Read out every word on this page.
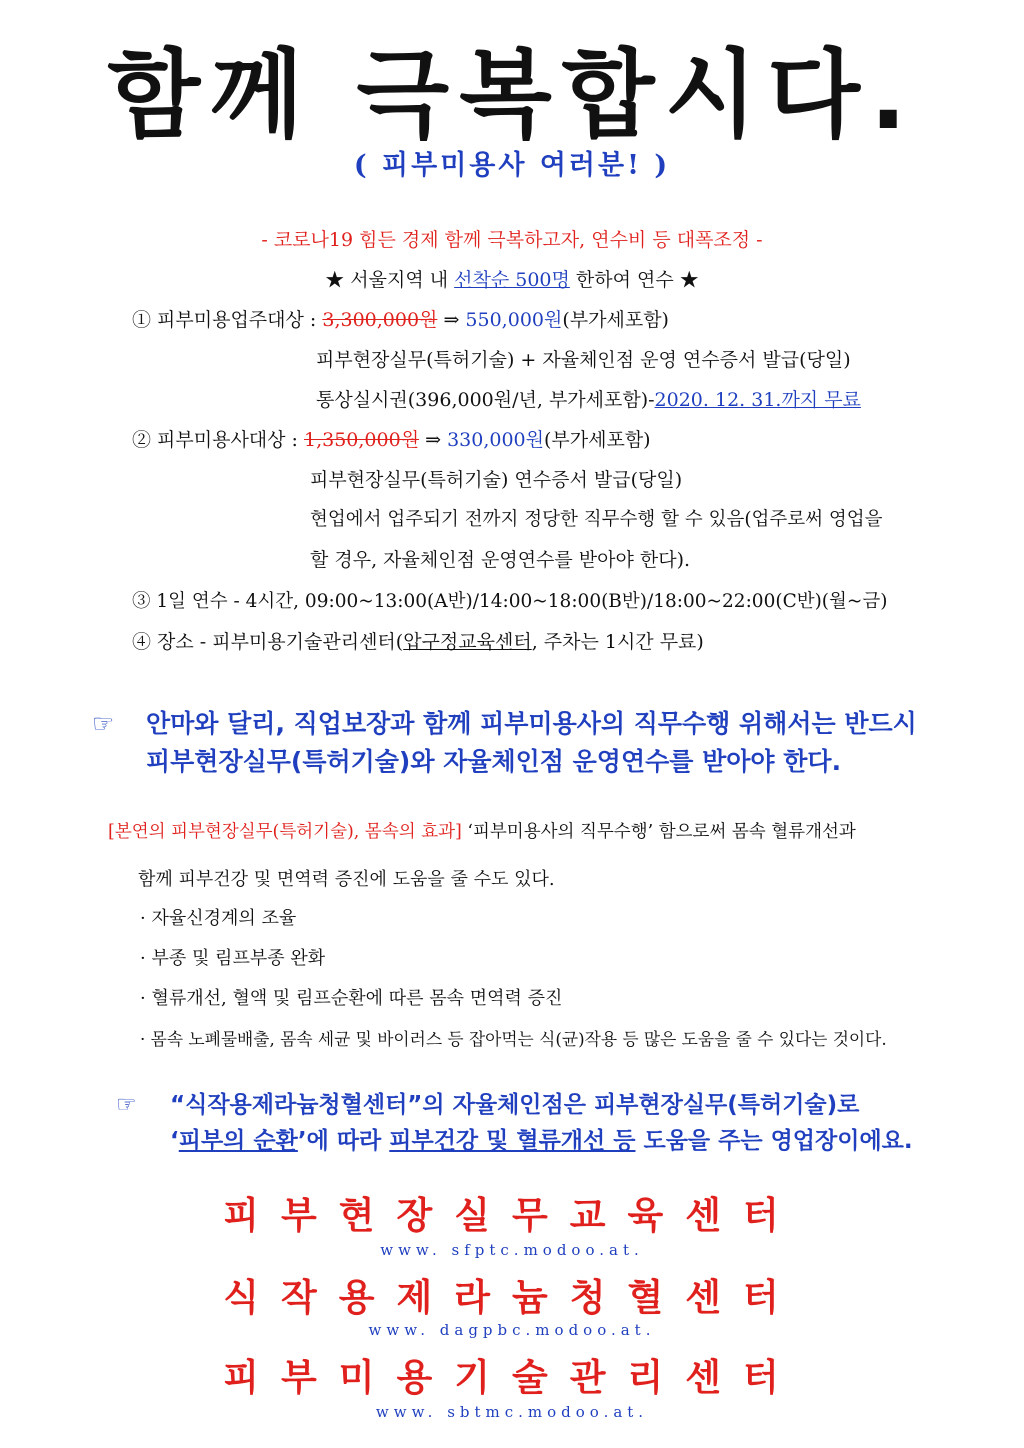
함께 극복합시다.
( 피부미용사 여러분! )
- 코로나19 힘든 경제 함께 극복하고자, 연수비 등 대폭조정 -
★ 서울지역 내 선착순 500명 한하여 연수 ★
① 피부미용업주대상 : 3,300,000원 ⇒ 550,000원(부가세포함)
피부현장실무(특허기술) + 자율체인점 운영 연수증서 발급(당일)
통상실시권(396,000원/년, 부가세포함)-2020. 12. 31.까지 무료
② 피부미용사대상 : 1,350,000원 ⇒ 330,000원(부가세포함)
피부현장실무(특허기술) 연수증서 발급(당일)
현업에서 업주되기 전까지 정당한 직무수행 할 수 있음(업주로써 영업을
할 경우, 자율체인점 운영연수를 받아야 한다).
③ 1일 연수 - 4시간, 09:00~13:00(A반)/14:00~18:00(B반)/18:00~22:00(C반)(월~금)
④ 장소 - 피부미용기술관리센터(압구정교육센터, 주차는 1시간 무료)
☞ 안마와 달리, 직업보장과 함께 피부미용사의 직무수행 위해서는 반드시
피부현장실무(특허기술)와 자율체인점 운영연수를 받아야 한다.
[본연의 피부현장실무(특허기술), 몸속의 효과] ‘피부미용사의 직무수행’ 함으로써 몸속 혈류개선과
함께 피부건강 및 면역력 증진에 도움을 줄 수도 있다.
· 자율신경계의 조율
· 부종 및 림프부종 완화
· 혈류개선, 혈액 및 림프순환에 따른 몸속 면역력 증진
· 몸속 노폐물배출, 몸속 세균 및 바이러스 등 잡아먹는 식(균)작용 등 많은 도움을 줄 수 있다는 것이다.
☞ “식작용제라늄청혈센터”의 자율체인점은 피부현장실무(특허기술)로
‘피부의 순환’에 따라 피부건강 및 혈류개선 등 도움을 주는 영업장이에요.
피부현장실무교육센터
www. sfptc.modoo.at.
식작용제라늄청혈센터
www. dagpbc.modoo.at.
피부미용기술관리센터
www. sbtmc.modoo.at.
